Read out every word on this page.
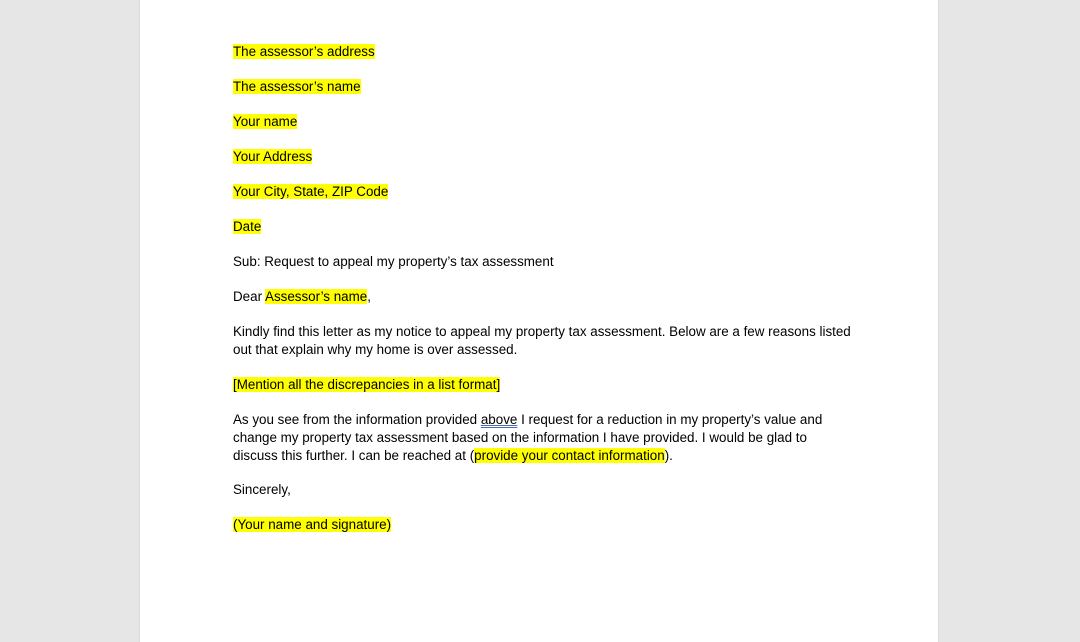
The assessor’s address

The assessor’s name

Your name

Your Address

Your City, State, ZIP Code

Date

Sub: Request to appeal my property’s tax assessment

Dear Assessor’s name,

Kindly find this letter as my notice to appeal my property tax assessment. Below are a few reasons listed out that explain why my home is over assessed.

[Mention all the discrepancies in a list format]

As you see from the information provided above I request for a reduction in my property’s value and change my property tax assessment based on the information I have provided. I would be glad to discuss this further. I can be reached at (provide your contact information).

Sincerely,

(Your name and signature)
